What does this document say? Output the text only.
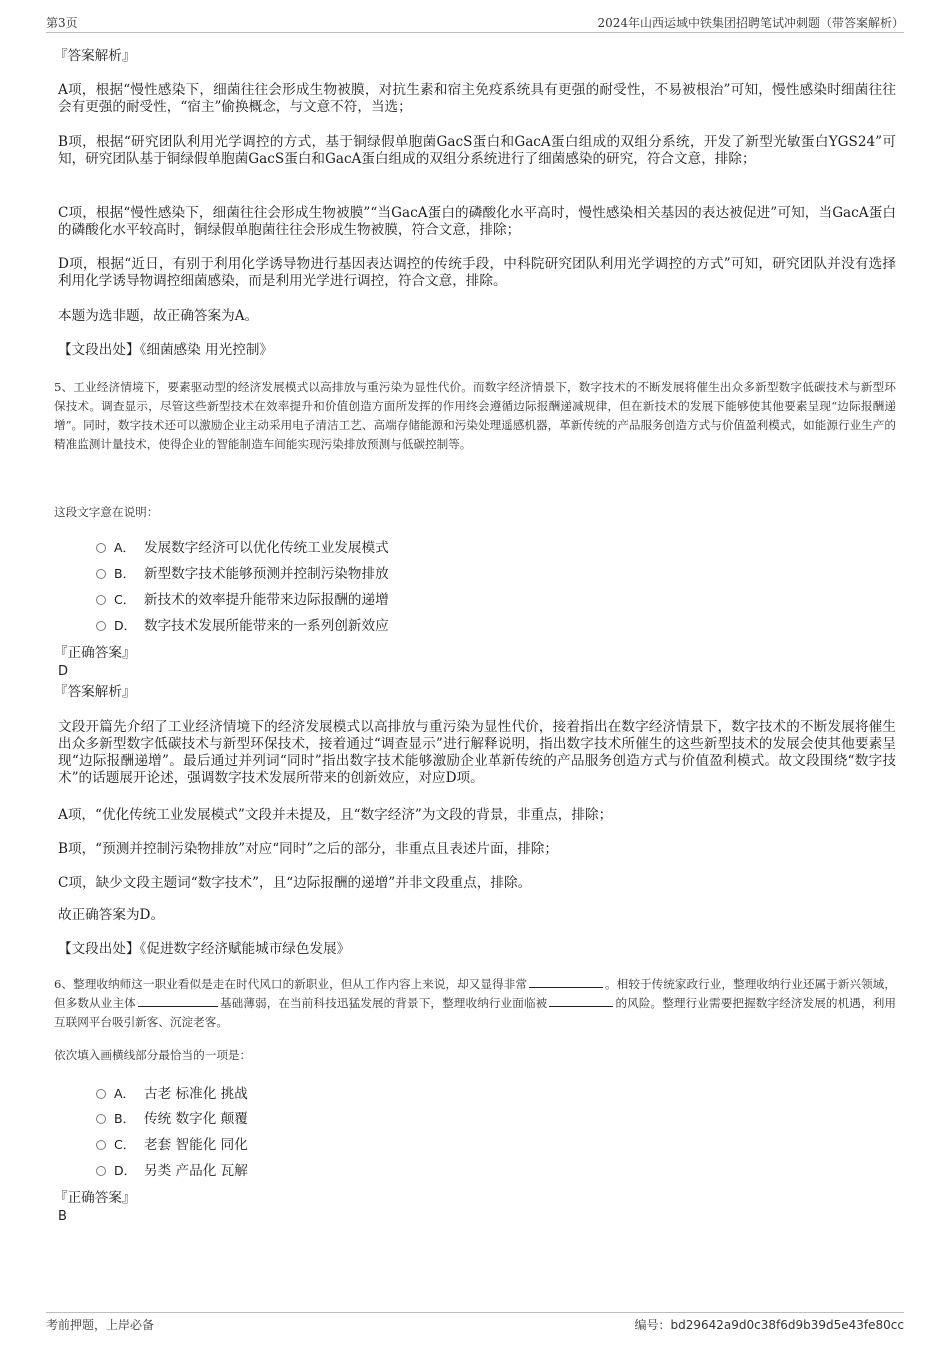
第3页	2024年山西运域中铁集团招聘笔试冲刺题（带答案解析）
『答案解析』
A项，根据“慢性感染下，细菌往往会形成生物被膜，对抗生素和宿主免疫系统具有更强的耐受性，不易被根治”可知，慢性感染时细菌往往会有更强的耐受性，“宿主”偷换概念，与文意不符，当选；
B项，根据“研究团队利用光学调控的方式，基于铜绿假单胞菌GacS蛋白和GacA蛋白组成的双组分系统，开发了新型光敏蛋白YGS24”可知，研究团队基于铜绿假单胞菌GacS蛋白和GacA蛋白组成的双组分系统进行了细菌感染的研究，符合文意，排除；
C项，根据“慢性感染下，细菌往往会形成生物被膜”“当GacA蛋白的磷酸化水平高时，慢性感染相关基因的表达被促进”可知，当GacA蛋白的磷酸化水平较高时，铜绿假单胞菌往往会形成生物被膜，符合文意，排除；
D项，根据“近日，有别于利用化学诱导物进行基因表达调控的传统手段，中科院研究团队利用光学调控的方式”可知，研究团队并没有选择利用化学诱导物调控细菌感染，而是利用光学进行调控，符合文意，排除。
本题为选非题，故正确答案为A。
【文段出处】《细菌感染 用光控制》
5、工业经济情境下，要素驱动型的经济发展模式以高排放与重污染为显性代价。而数字经济情景下，数字技术的不断发展将催生出众多新型数字低碳技术与新型环保技术。调查显示，尽管这些新型技术在效率提升和价值创造方面所发挥的作用终会遵循边际报酬递减规律，但在新技术的发展下能够使其他要素呈现“边际报酬递增”。同时，数字技术还可以激励企业主动采用电子清洁工艺、高端存储能源和污染处理遥感机器，革新传统的产品服务创造方式与价值盈利模式，如能源行业生产的精准监测计量技术，使得企业的智能制造车间能实现污染排放预测与低碳控制等。
这段文字意在说明：
A． 发展数字经济可以优化传统工业发展模式
B． 新型数字技术能够预测并控制污染物排放
C． 新技术的效率提升能带来边际报酬的递增
D． 数字技术发展所能带来的一系列创新效应
『正确答案』
D
『答案解析』
文段开篇先介绍了工业经济情境下的经济发展模式以高排放与重污染为显性代价，接着指出在数字经济情景下，数字技术的不断发展将催生出众多新型数字低碳技术与新型环保技术，接着通过“调查显示”进行解释说明，指出数字技术所催生的这些新型技术的发展会使其他要素呈现“边际报酬递增”。最后通过并列词“同时”指出数字技术能够激励企业革新传统的产品服务创造方式与价值盈利模式。故文段围绕“数字技术”的话题展开论述，强调数字技术发展所带来的创新效应，对应D项。
A项，“优化传统工业发展模式”文段并未提及，且“数字经济”为文段的背景，非重点，排除；
B项，“预测并控制污染物排放”对应“同时”之后的部分，非重点且表述片面，排除；
C项，缺少文段主题词“数字技术”，且“边际报酬的递增”并非文段重点，排除。
故正确答案为D。
【文段出处】《促进数字经济赋能城市绿色发展》
6、整理收纳师这一职业看似是走在时代风口的新职业，但从工作内容上来说，却又显得非常	。相较于传统家政行业，整理收纳行业还属于新兴领域，但多数从业主体	基础薄弱，在当前科技迅猛发展的背景下，整理收纳行业面临被	的风险。整理行业需要把握数字经济发展的机遇，利用互联网平台吸引新客、沉淀老客。
依次填入画横线部分最恰当的一项是：
A． 古老 标准化 挑战
B． 传统 数字化 颠覆
C． 老套 智能化 同化
D． 另类 产品化 瓦解
『正确答案』
B
考前押题，上岸必备	编号：bd29642a9d0c38f6d9b39d5e43fe80cc
